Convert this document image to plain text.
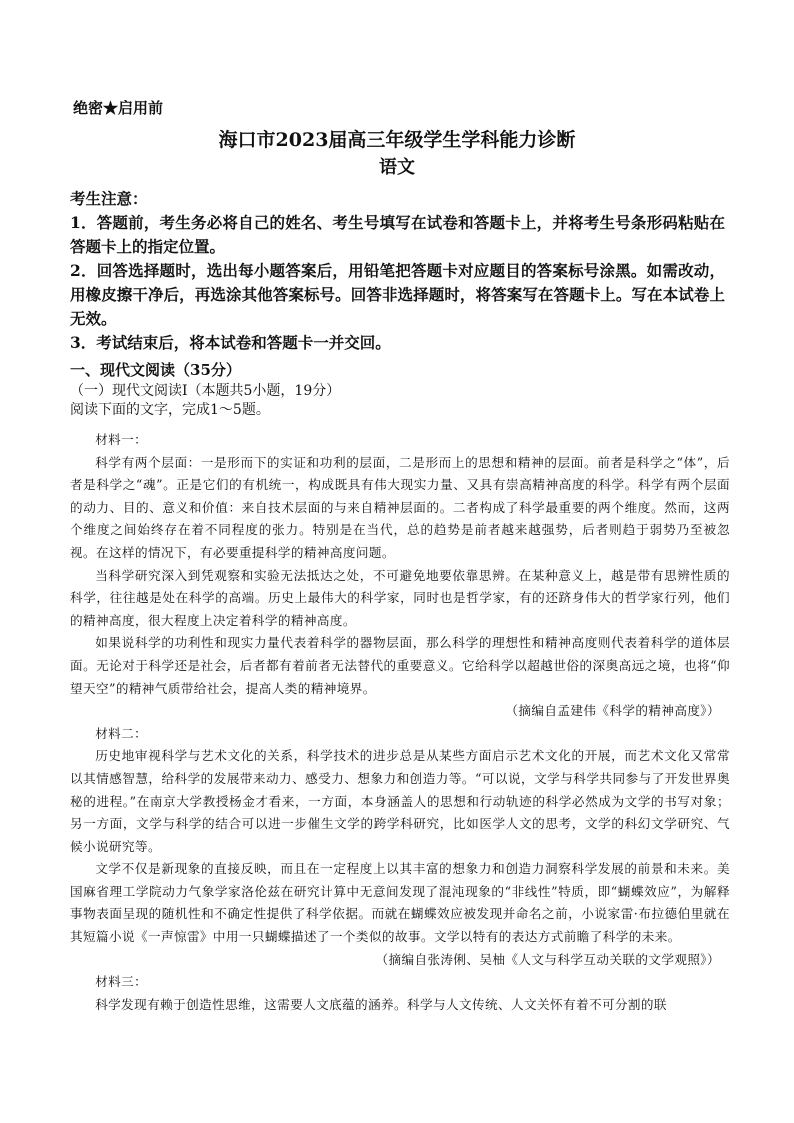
绝密★启用前
海口市2023届高三年级学生学科能力诊断
语文

考生注意：

1．答题前，考生务必将自己的姓名、考生号填写在试卷和答题卡上，并将考生号条形码粘贴在答题卡上的指定位置。

2．回答选择题时，选出每小题答案后，用铅笔把答题卡对应题目的答案标号涂黑。如需改动，用橡皮擦干净后，再选涂其他答案标号。回答非选择题时，将答案写在答题卡上。写在本试卷上无效。

3．考试结束后，将本试卷和答题卡一并交回。

一、现代文阅读（35分）

（一）现代文阅读Ⅰ（本题共5小题，19分）

阅读下面的文字，完成1～5题。

材料一：

科学有两个层面：一是形而下的实证和功利的层面，二是形而上的思想和精神的层面。前者是科学之“体”，后者是科学之“魂”。正是它们的有机统一，构成既具有伟大现实力量、又具有崇高精神高度的科学。科学有两个层面的动力、目的、意义和价值：来自技术层面的与来自精神层面的。二者构成了科学最重要的两个维度。然而，这两个维度之间始终存在着不同程度的张力。特别是在当代，总的趋势是前者越来越强势，后者则趋于弱势乃至被忽视。在这样的情况下，有必要重提科学的精神高度问题。

当科学研究深入到凭观察和实验无法抵达之处，不可避免地要依靠思辨。在某种意义上，越是带有思辨性质的科学，往往越是处在科学的高端。历史上最伟大的科学家，同时也是哲学家，有的还跻身伟大的哲学家行列，他们的精神高度，很大程度上决定着科学的精神高度。

如果说科学的功利性和现实力量代表着科学的器物层面，那么科学的理想性和精神高度则代表着科学的道体层面。无论对于科学还是社会，后者都有着前者无法替代的重要意义。它给科学以超越世俗的深奥高远之境，也将“仰望天空”的精神气质带给社会，提高人类的精神境界。

（摘编自孟建伟《科学的精神高度》）

材料二：

历史地审视科学与艺术文化的关系，科学技术的进步总是从某些方面启示艺术文化的开展，而艺术文化又常常以其情感智慧，给科学的发展带来动力、感受力、想象力和创造力等。“可以说，文学与科学共同参与了开发世界奥秘的进程。”在南京大学教授杨金才看来，一方面，本身涵盖人的思想和行动轨迹的科学必然成为文学的书写对象；另一方面，文学与科学的结合可以进一步催生文学的跨学科研究，比如医学人文的思考，文学的科幻文学研究、气候小说研究等。

文学不仅是新现象的直接反映，而且在一定程度上以其丰富的想象力和创造力洞察科学发展的前景和未来。美国麻省理工学院动力气象学家洛伦兹在研究计算中无意间发现了混沌现象的“非线性”特质，即“蝴蝶效应”，为解释事物表面呈现的随机性和不确定性提供了科学依据。而就在蝴蝶效应被发现并命名之前，小说家雷·布拉德伯里就在其短篇小说《一声惊雷》中用一只蝴蝶描述了一个类似的故事。文学以特有的表达方式前瞻了科学的未来。

（摘编自张涛俐、吴柚《人文与科学互动关联的文学观照》）

材料三：

科学发现有赖于创造性思维，这需要人文底蕴的涵养。科学与人文传统、人文关怀有着不可分割的联
